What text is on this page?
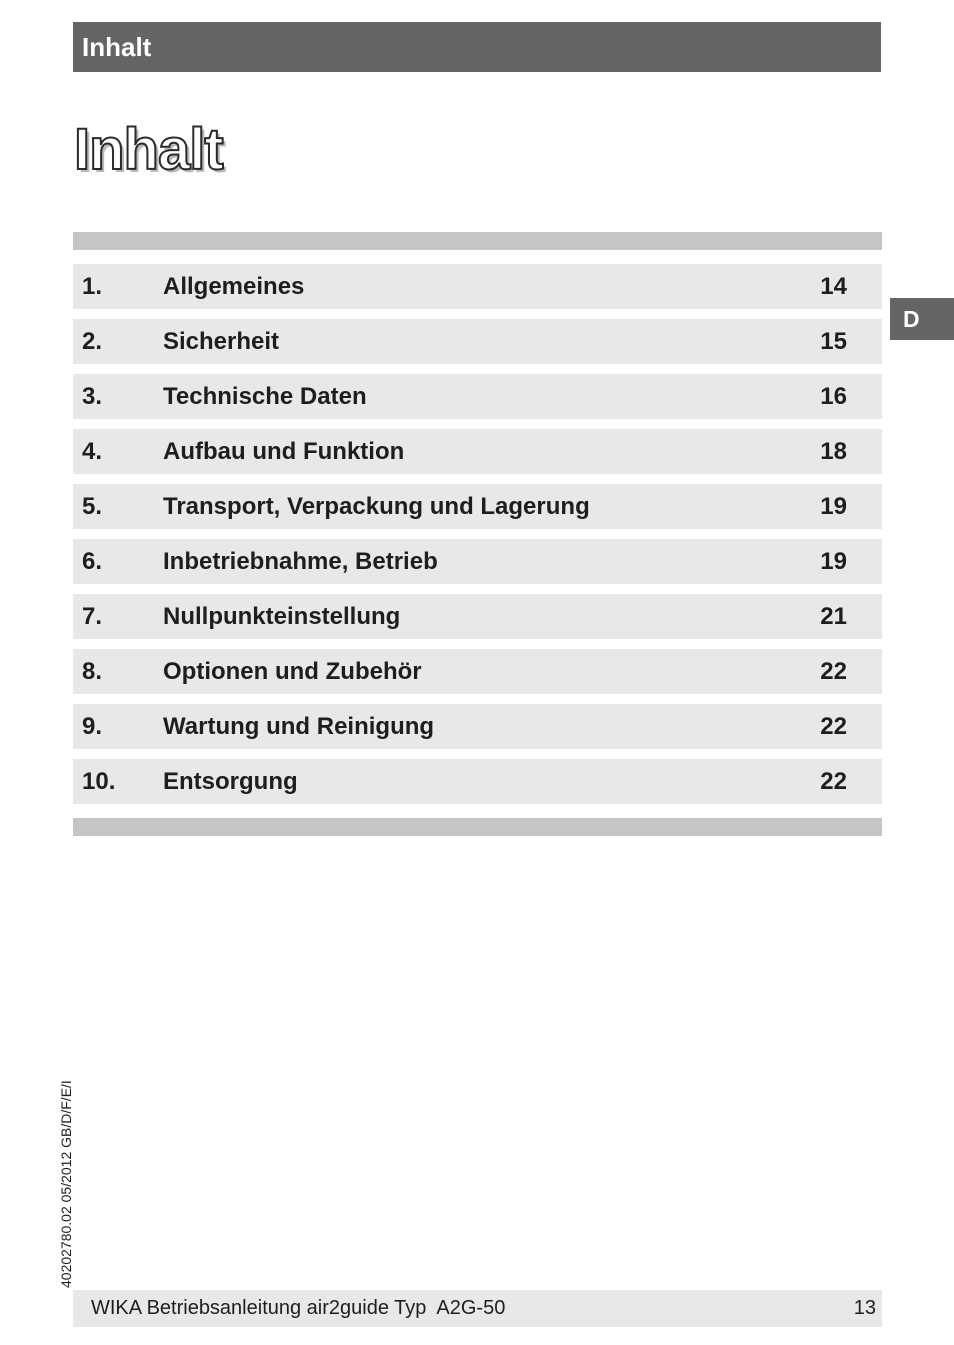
Inhalt
Inhalt
1.	Allgemeines	14
2.	Sicherheit	15
3.	Technische Daten	16
4.	Aufbau und Funktion	18
5.	Transport, Verpackung und Lagerung	19
6.	Inbetriebnahme, Betrieb	19
7.	Nullpunkteinstellung	21
8.	Optionen und Zubehör	22
9.	Wartung und Reinigung	22
10. Entsorgung	22
D
40202780.02 05/2012 GB/D/F/E/I
WIKA Betriebsanleitung air2guide Typ  A2G-50	13
